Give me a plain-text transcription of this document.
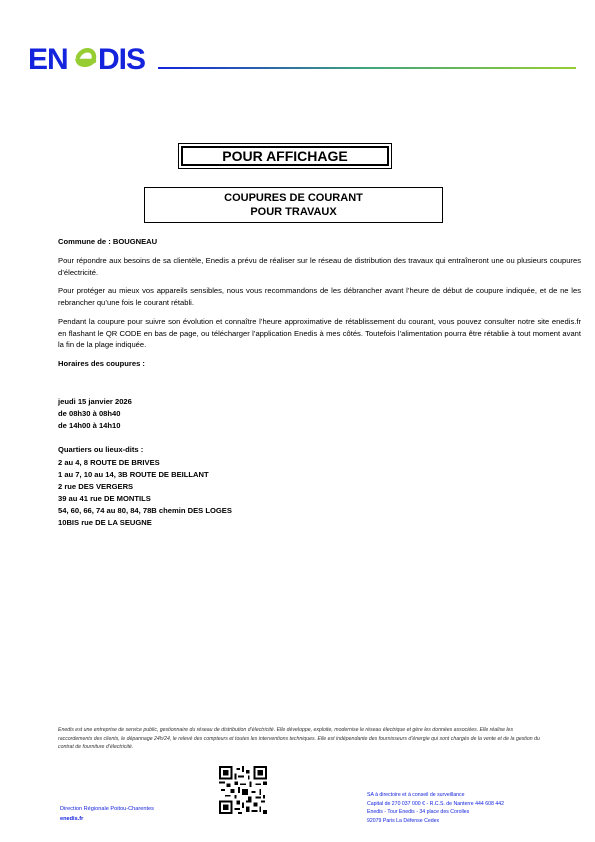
EN DIS
POUR AFFICHAGE
COUPURES DE COURANT
POUR TRAVAUX
Commune de : BOUGNEAU
Pour répondre aux besoins de sa clientèle, Enedis a prévu de réaliser sur le réseau de distribution des travaux qui entraîneront une ou plusieurs coupures d’électricité.
Pour protéger au mieux vos appareils sensibles, nous vous recommandons de les débrancher avant l’heure de début de coupure indiquée, et de ne les rebrancher qu’une fois le courant rétabli.
Pendant la coupure pour suivre son évolution et connaître l’heure approximative de rétablissement du courant, vous pouvez consulter notre site enedis.fr en flashant le QR CODE en bas de page, ou télécharger l’application Enedis à mes côtés. Toutefois l’alimentation pourra être rétablie à tout moment avant la fin de la plage indiquée.
Horaires des coupures :
jeudi 15 janvier 2026
de 08h30 à 08h40
de 14h00 à 14h10
Quartiers ou lieux-dits :
2 au 4, 8 ROUTE DE BRIVES
1 au 7, 10 au 14, 3B ROUTE DE BEILLANT
2 rue DES VERGERS
39 au 41 rue DE MONTILS
54, 60, 66, 74 au 80, 84, 78B chemin DES LOGES
10BIS rue DE LA SEUGNE
Enedis est une entreprise de service public, gestionnaire du réseau de distribution d’électricité. Elle développe, exploite, modernise le réseau électrique et gère les données associées. Elle réalise les raccordements des clients, le dépannage 24h/24, le relevé des compteurs et toutes les interventions techniques. Elle est indépendante des fournisseurs d’énergie qui sont chargés de la vente et de la gestion du contrat de fourniture d’électricité.
Direction Régionale Poitou-Charentes
enedis.fr
SA à directoire et à conseil de surveillance
Capital de 270 037 000 € - R.C.S. de Nanterre 444 608 442
Enedis - Tour Enedis - 34 place des Corolles
92079 Paris La Défense Cedex
